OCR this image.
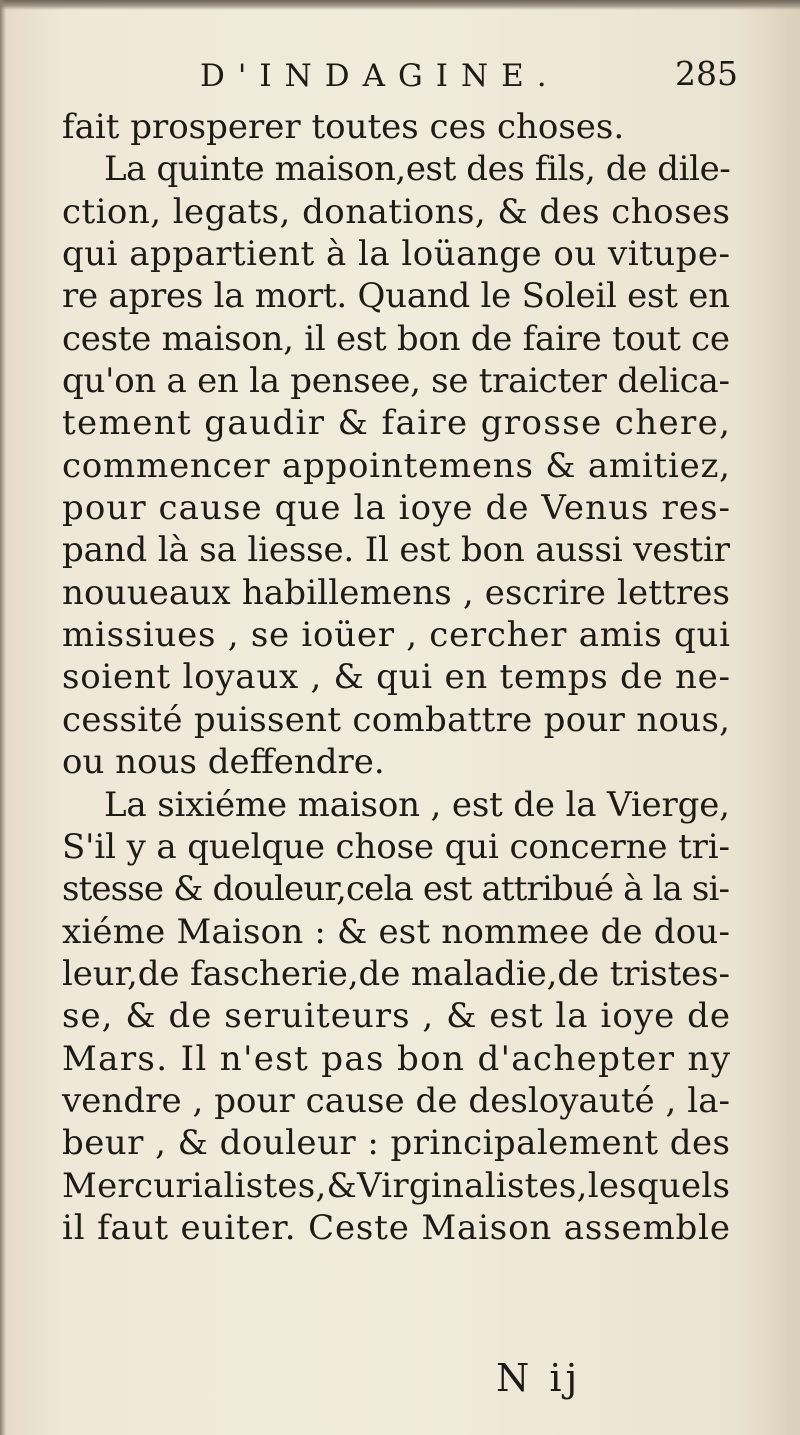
D'INDAGINE.	285
fait prosperer toutes ces choses.
La quinte maison,est des fils, de dile-
ction, legats, donations, & des choses
qui appartient à la loüange ou vitupe-
re apres la mort. Quand le Soleil est en
ceste maison, il est bon de faire tout ce
qu'on a en la pensee, se traicter delica-
tement gaudir & faire grosse chere,
commencer appointemens & amitiez,
pour cause que la ioye de Venus res-
pand là sa liesse. Il est bon aussi vestir
nouueaux habillemens , escrire lettres
missiues , se ioüer , cercher amis qui
soient loyaux , & qui en temps de ne-
cessité puissent combattre pour nous,
ou nous deffendre.
La sixiéme maison , est de la Vierge,
S'il y a quelque chose qui concerne tri-
stesse & douleur,cela est attribué à la si-
xiéme Maison : & est nommee de dou-
leur,de fascherie,de maladie,de tristes-
se, & de seruiteurs , & est la ioye de
Mars. Il n'est pas bon d'achepter ny
vendre , pour cause de desloyauté , la-
beur , & douleur : principalement des
Mercurialistes,&Virginalistes,lesquels
il faut euiter. Ceste Maison assemble
N ij
